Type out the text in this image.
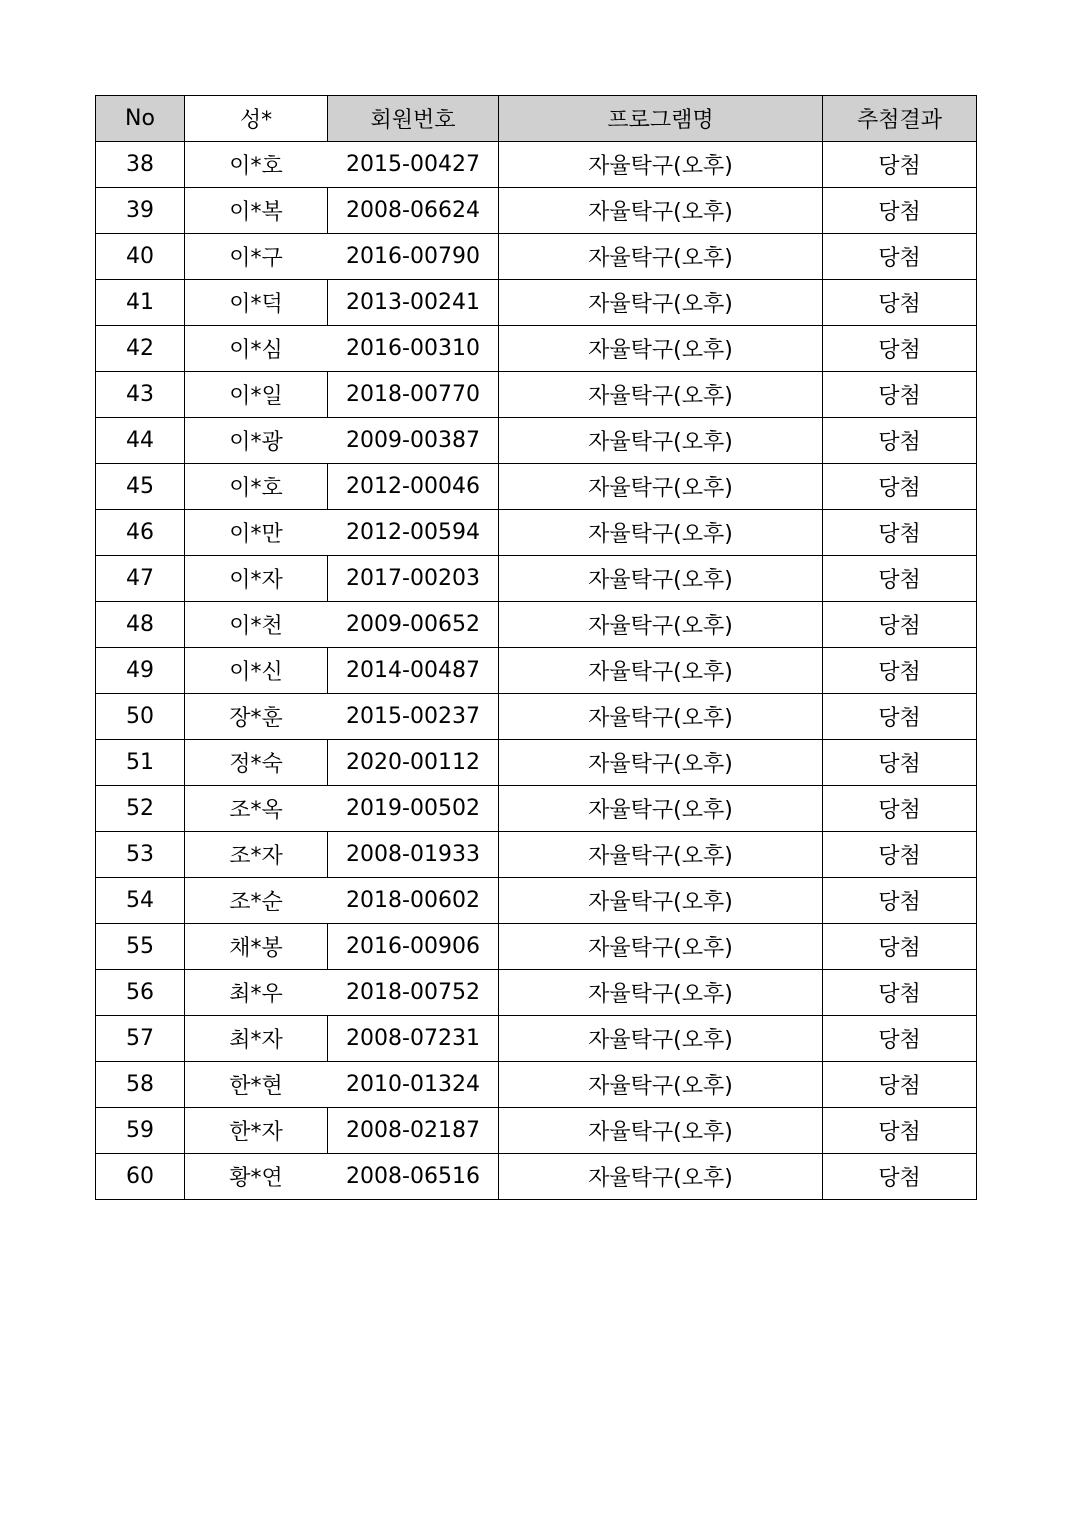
No	성*	회원번호	프로그램명	추첨결과
38	이*호	2015-00427	자율탁구(오후)	당첨
39	이*복	2008-06624	자율탁구(오후)	당첨
40	이*구	2016-00790	자율탁구(오후)	당첨
41	이*덕	2013-00241	자율탁구(오후)	당첨
42	이*심	2016-00310	자율탁구(오후)	당첨
43	이*일	2018-00770	자율탁구(오후)	당첨
44	이*광	2009-00387	자율탁구(오후)	당첨
45	이*호	2012-00046	자율탁구(오후)	당첨
46	이*만	2012-00594	자율탁구(오후)	당첨
47	이*자	2017-00203	자율탁구(오후)	당첨
48	이*천	2009-00652	자율탁구(오후)	당첨
49	이*신	2014-00487	자율탁구(오후)	당첨
50	장*훈	2015-00237	자율탁구(오후)	당첨
51	정*숙	2020-00112	자율탁구(오후)	당첨
52	조*옥	2019-00502	자율탁구(오후)	당첨
53	조*자	2008-01933	자율탁구(오후)	당첨
54	조*순	2018-00602	자율탁구(오후)	당첨
55	채*봉	2016-00906	자율탁구(오후)	당첨
56	최*우	2018-00752	자율탁구(오후)	당첨
57	최*자	2008-07231	자율탁구(오후)	당첨
58	한*현	2010-01324	자율탁구(오후)	당첨
59	한*자	2008-02187	자율탁구(오후)	당첨
60	황*연	2008-06516	자율탁구(오후)	당첨
